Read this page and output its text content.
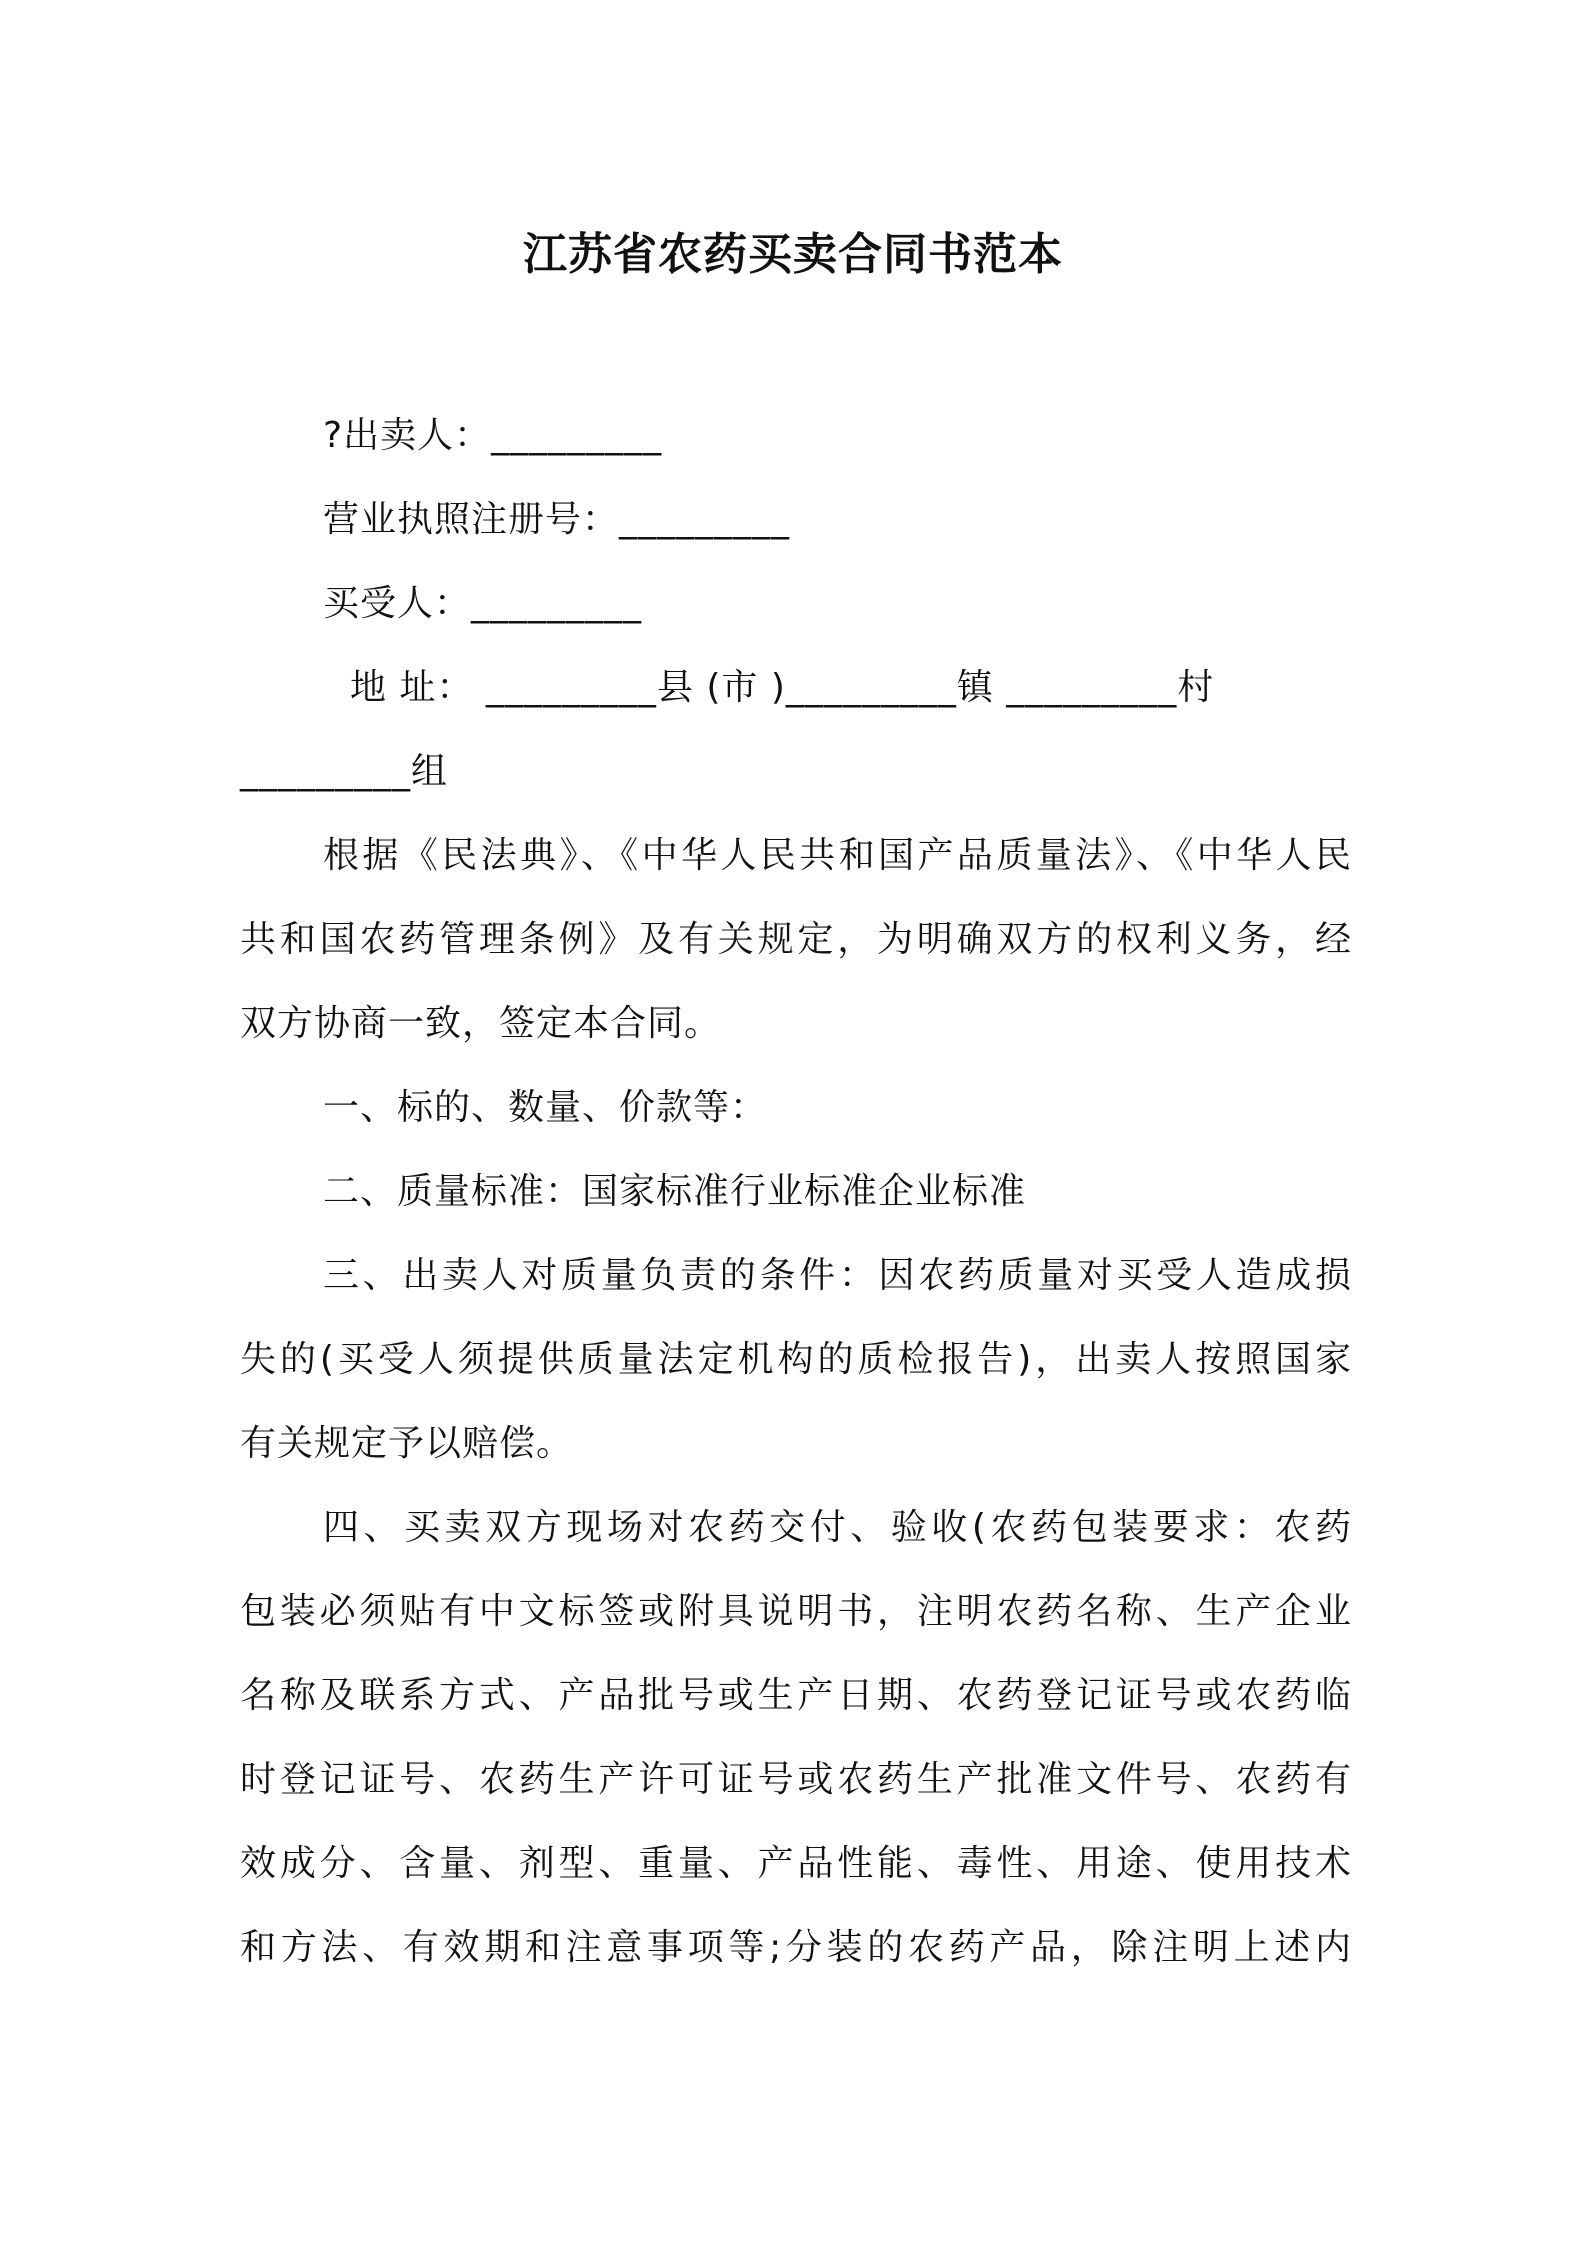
江苏省农药买卖合同书范本
?出卖人：_________
营业执照注册号：_________
买受人：_________
地 址： _________县 (市 )_________镇 _________村
_________组
根据《民法典》、《中华人民共和国产品质量法》、《中华人民
共和国农药管理条例》及有关规定，为明确双方的权利义务，经
双方协商一致，签定本合同。
一、标的、数量、价款等：
二、质量标准：国家标准行业标准企业标准
三、出卖人对质量负责的条件：因农药质量对买受人造成损
失的(买受人须提供质量法定机构的质检报告)，出卖人按照国家
有关规定予以赔偿。
四、买卖双方现场对农药交付、验收(农药包装要求：农药
包装必须贴有中文标签或附具说明书，注明农药名称、生产企业
名称及联系方式、产品批号或生产日期、农药登记证号或农药临
时登记证号、农药生产许可证号或农药生产批准文件号、农药有
效成分、含量、剂型、重量、产品性能、毒性、用途、使用技术
和方法、有效期和注意事项等;分装的农药产品，除注明上述内
